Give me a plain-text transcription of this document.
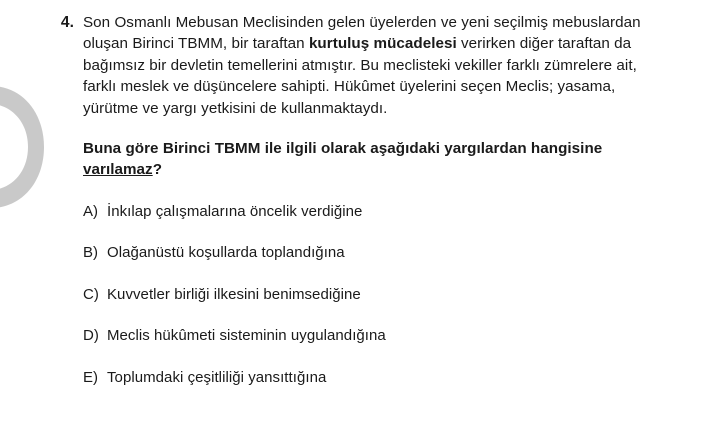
4. Son Osmanlı Mebusan Meclisinden gelen üyelerden ve yeni seçilmiş mebuslardan oluşan Birinci TBMM, bir taraftan kurtuluş mücadelesi verirken diğer taraftan da bağımsız bir devletin temellerini atmıştır. Bu meclisteki vekiller farklı zümrelere ait, farklı meslek ve düşüncelere sahipti. Hükûmet üyelerini seçen Meclis; yasama, yürütme ve yargı yetkisini de kullanmaktaydı.
Buna göre Birinci TBMM ile ilgili olarak aşağıdaki yargılardan hangisine varılamaz?
A) İnkılap çalışmalarına öncelik verdiğine
B) Olağanüstü koşullarda toplandığına
C) Kuvvetler birliği ilkesini benimsediğine
D) Meclis hükûmeti sisteminin uygulandığına
E) Toplumdaki çeşitliliği yansıttığına
